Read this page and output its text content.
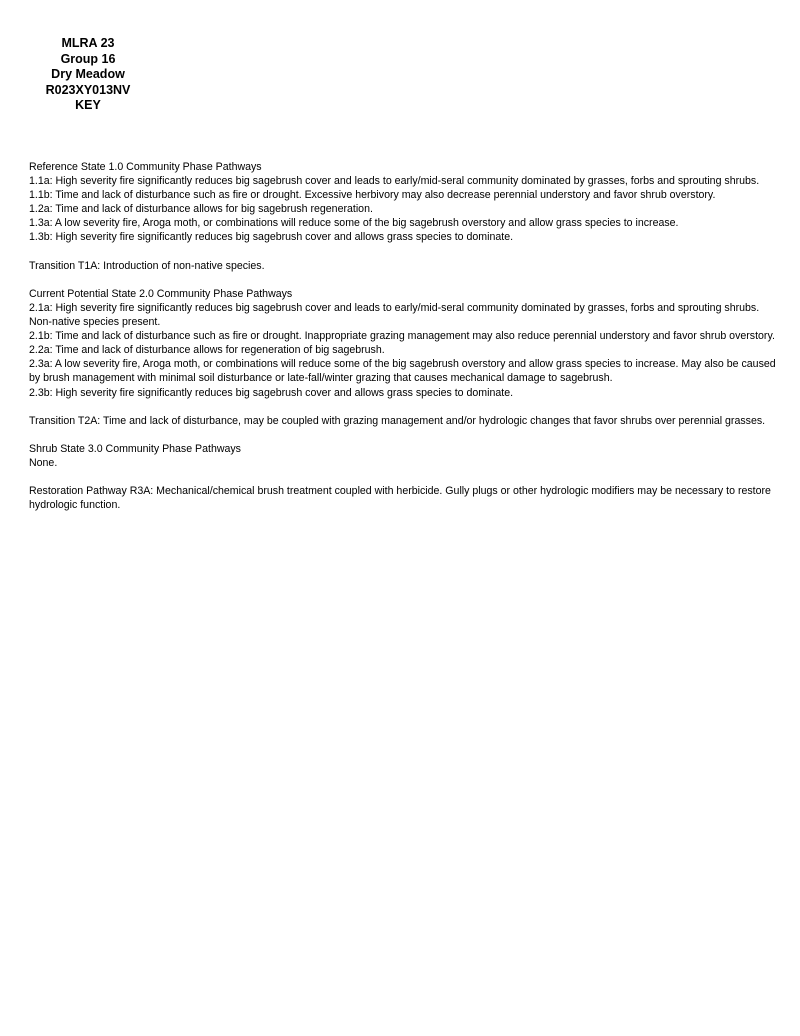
MLRA 23
Group 16
Dry Meadow
R023XY013NV
KEY

Reference State 1.0 Community Phase Pathways

1.1a: High severity fire significantly reduces big sagebrush cover and leads to early/mid-seral community dominated by grasses, forbs and sprouting shrubs.

1.1b: Time and lack of disturbance such as fire or drought. Excessive herbivory may also decrease perennial understory and favor shrub overstory.

1.2a: Time and lack of disturbance allows for big sagebrush regeneration.

1.3a: A low severity fire, Aroga moth, or combinations will reduce some of the big sagebrush overstory and allow grass species to increase.

1.3b: High severity fire significantly reduces big sagebrush cover and allows grass species to dominate.

Transition T1A: Introduction of non-native species.

Current Potential State 2.0 Community Phase Pathways

2.1a: High severity fire significantly reduces big sagebrush cover and leads to early/mid-seral community dominated by grasses, forbs and sprouting shrubs. Non-native species present.

2.1b: Time and lack of disturbance such as fire or drought. Inappropriate grazing management may also reduce perennial understory and favor shrub overstory.

2.2a: Time and lack of disturbance allows for regeneration of big sagebrush.

2.3a: A low severity fire, Aroga moth, or combinations will reduce some of the big sagebrush overstory and allow grass species to increase. May also be caused by brush management with minimal soil disturbance or late-fall/winter grazing that causes mechanical damage to sagebrush.

2.3b: High severity fire significantly reduces big sagebrush cover and allows grass species to dominate.

Transition T2A: Time and lack of disturbance, may be coupled with grazing management and/or hydrologic changes that favor shrubs over perennial grasses.

Shrub State 3.0 Community Phase Pathways

None.

Restoration Pathway R3A: Mechanical/chemical brush treatment coupled with herbicide. Gully plugs or other hydrologic modifiers may be necessary to restore hydrologic function.
